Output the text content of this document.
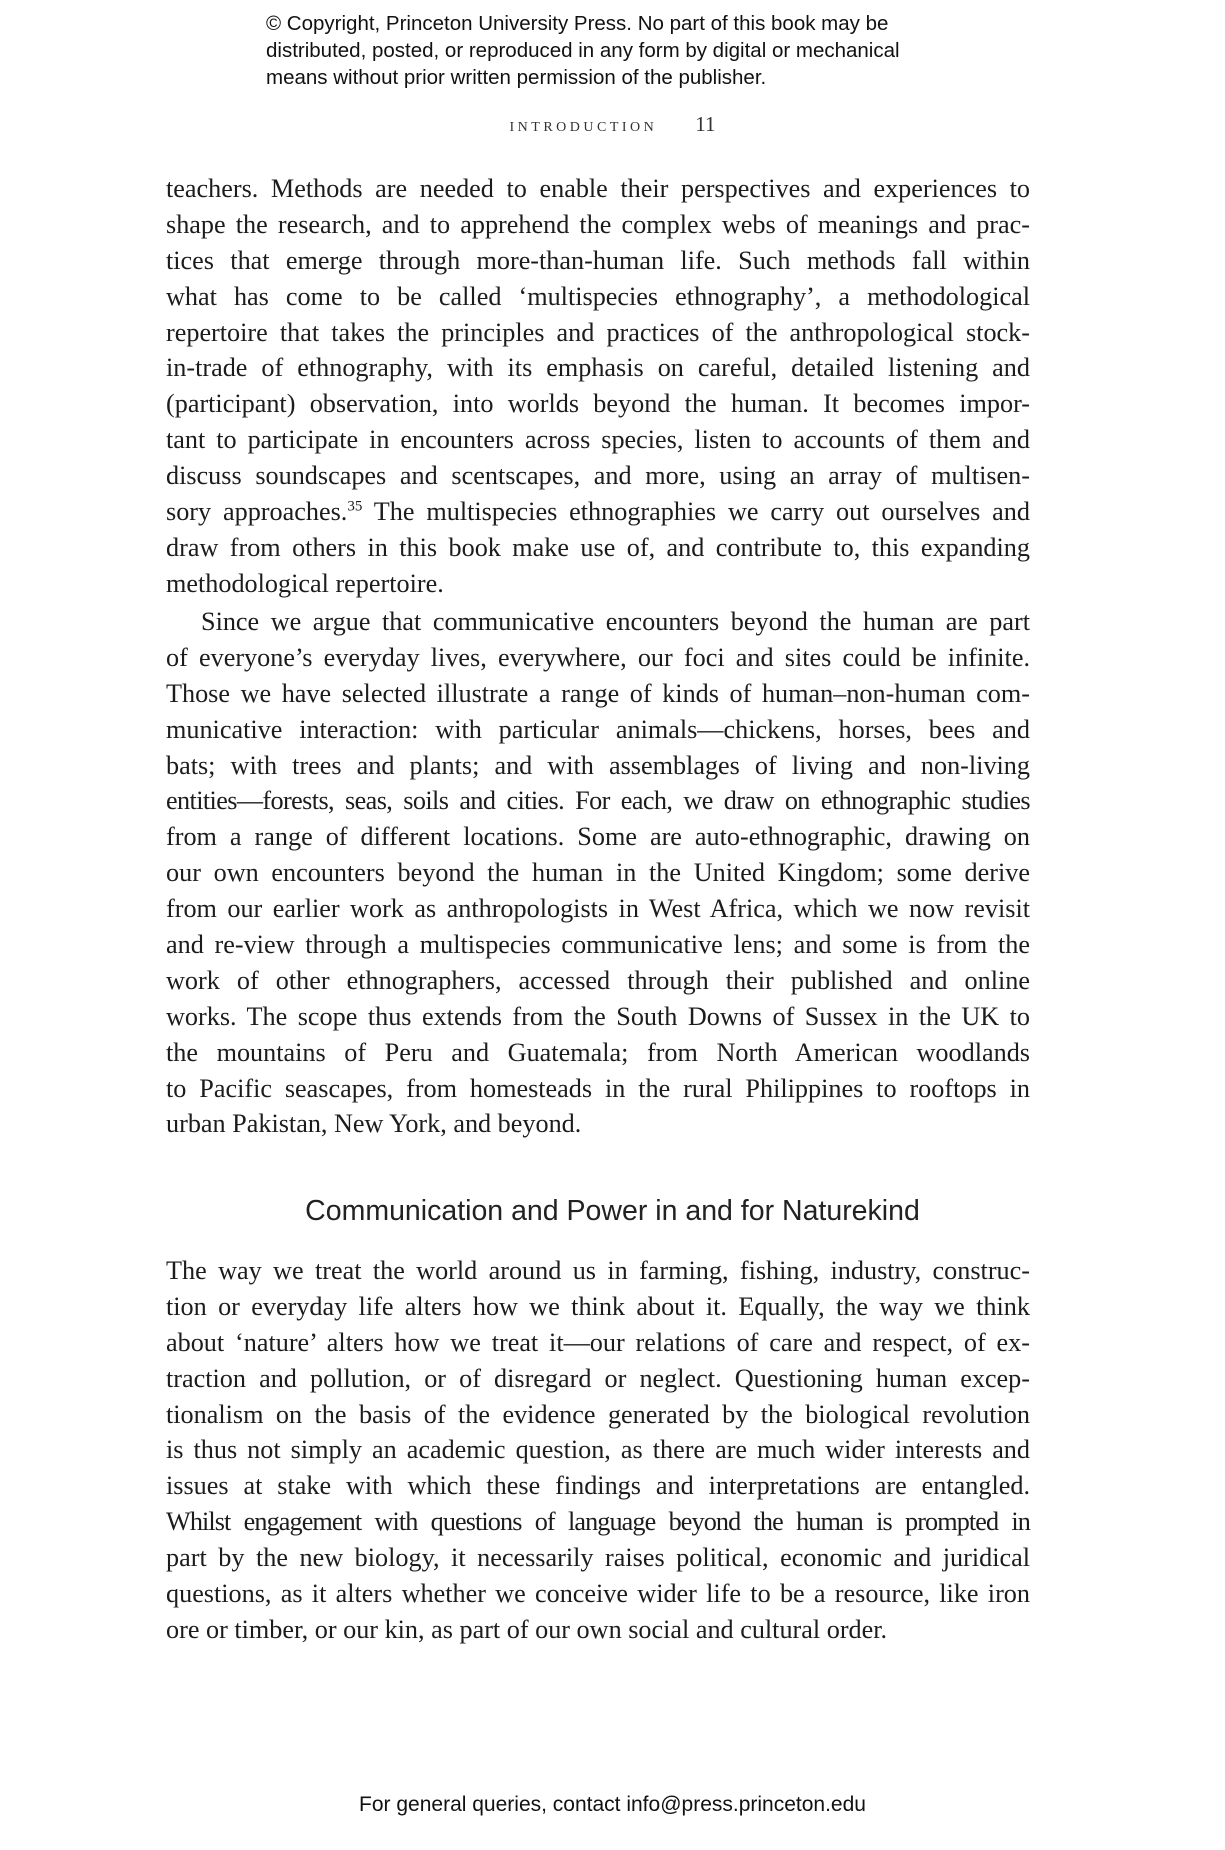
© Copyright, Princeton University Press. No part of this book may be
distributed, posted, or reproduced in any form by digital or mechanical
means without prior written permission of the publisher.
introduction 11
teachers. Methods are needed to enable their perspectives and experiences to
shape the research, and to apprehend the complex webs of meanings and prac-
tices that emerge through more-than-human life. Such methods fall within
what has come to be called ‘multispecies ethnography’, a methodological
repertoire that takes the principles and practices of the anthropological stock-
in-trade of ethnography, with its emphasis on careful, detailed listening and
(participant) observation, into worlds beyond the human. It becomes impor-
tant to participate in encounters across species, listen to accounts of them and
discuss soundscapes and scentscapes, and more, using an array of multisen-
sory approaches.$^{35}$ The multispecies ethnographies we carry out ourselves and
draw from others in this book make use of, and contribute to, this expanding
methodological repertoire.
Since we argue that communicative encounters beyond the human are part
of everyone’s everyday lives, everywhere, our foci and sites could be infinite.
Those we have selected illustrate a range of kinds of human–non-human com-
municative interaction: with particular animals—chickens, horses, bees and
bats; with trees and plants; and with assemblages of living and non-living
entities—forests, seas, soils and cities. For each, we draw on ethnographic studies
from a range of different locations. Some are auto-ethnographic, drawing on
our own encounters beyond the human in the United Kingdom; some derive
from our earlier work as anthropologists in West Africa, which we now revisit
and re-view through a multispecies communicative lens; and some is from the
work of other ethnographers, accessed through their published and online
works. The scope thus extends from the South Downs of Sussex in the UK to
the mountains of Peru and Guatemala; from North American woodlands
to Pacific seascapes, from homesteads in the rural Philippines to rooftops in
urban Pakistan, New York, and beyond.
Communication and Power in and for Naturekind
The way we treat the world around us in farming, fishing, industry, construc-
tion or everyday life alters how we think about it. Equally, the way we think
about ‘nature’ alters how we treat it—our relations of care and respect, of ex-
traction and pollution, or of disregard or neglect. Questioning human excep-
tionalism on the basis of the evidence generated by the biological revolution
is thus not simply an academic question, as there are much wider interests and
issues at stake with which these findings and interpretations are entangled.
Whilst engagement with questions of language beyond the human is prompted in
part by the new biology, it necessarily raises political, economic and juridical
questions, as it alters whether we conceive wider life to be a resource, like iron
ore or timber, or our kin, as part of our own social and cultural order.
For general queries, contact info@press.princeton.edu
